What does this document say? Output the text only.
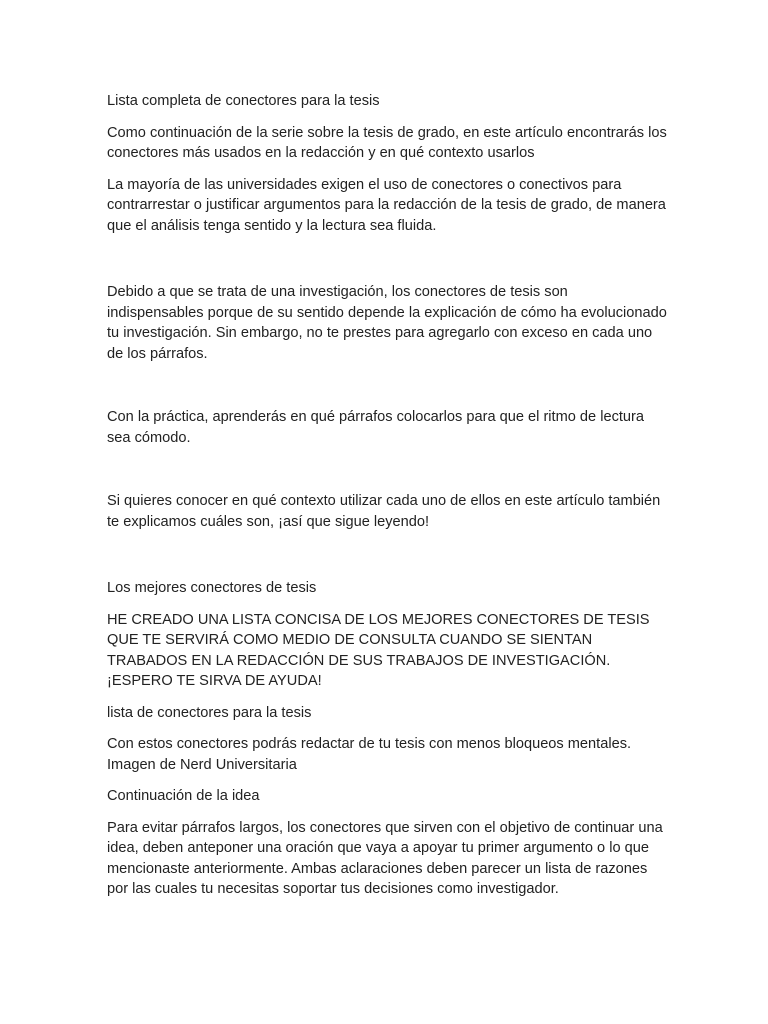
Lista completa de conectores para la tesis

Como continuación de la serie sobre la tesis de grado, en este artículo encontrarás los conectores más usados en la redacción y en qué contexto usarlos

La mayoría de las universidades exigen el uso de conectores o conectivos para contrarrestar o justificar argumentos para la redacción de la tesis de grado, de manera que el análisis tenga sentido y la lectura sea fluida.

Debido a que se trata de una investigación, los conectores de tesis son indispensables porque de su sentido depende la explicación de cómo ha evolucionado tu investigación. Sin embargo, no te prestes para agregarlo con exceso en cada uno de los párrafos.

Con la práctica, aprenderás en qué párrafos colocarlos para que el ritmo de lectura sea cómodo.

Si quieres conocer en qué contexto utilizar cada uno de ellos en este artículo también te explicamos cuáles son, ¡así que sigue leyendo!

Los mejores conectores de tesis

HE CREADO UNA LISTA CONCISA DE LOS MEJORES CONECTORES DE TESIS QUE TE SERVIRÁ COMO MEDIO DE CONSULTA CUANDO SE SIENTAN TRABADOS EN LA REDACCIÓN DE SUS TRABAJOS DE INVESTIGACIÓN. ¡ESPERO TE SIRVA DE AYUDA!

lista de conectores para la tesis

Con estos conectores podrás redactar de tu tesis con menos bloqueos mentales. Imagen de Nerd Universitaria

Continuación de la idea

Para evitar párrafos largos, los conectores que sirven con el objetivo de continuar una idea, deben anteponer una oración que vaya a apoyar tu primer argumento o lo que mencionaste anteriormente. Ambas aclaraciones deben parecer un lista de razones por las cuales tu necesitas soportar tus decisiones como investigador.
